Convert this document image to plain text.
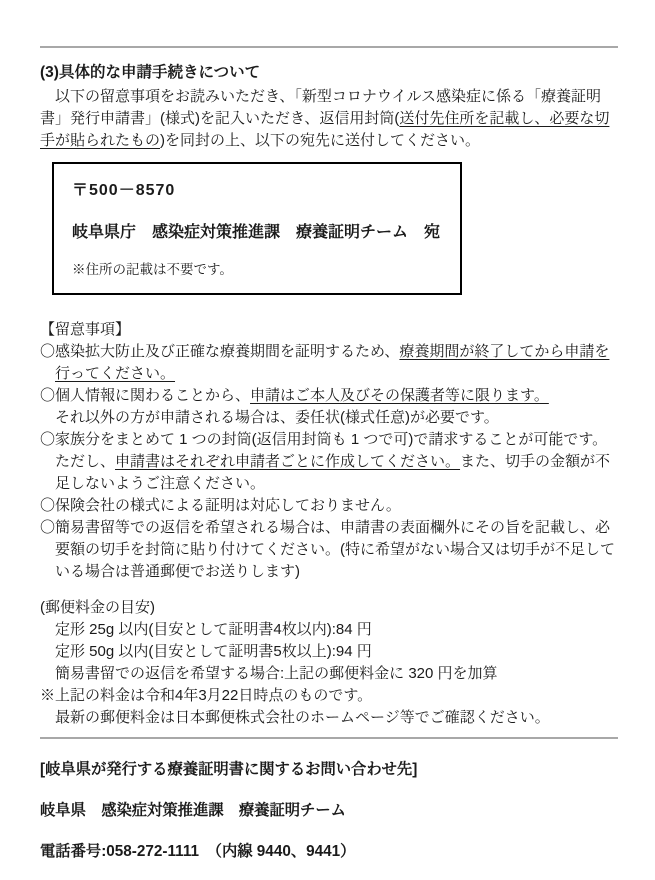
(3)具体的な申請手続きについて

　以下の留意事項をお読みいただき、「新型コロナウイルス感染症に係る「療養証明書」発行申請書」(様式)を記入いただき、返信用封筒(送付先住所を記載し、必要な切手が貼られたもの)を同封の上、以下の宛先に送付してください。

〒500－8570
岐阜県庁　感染症対策推進課　療養証明チーム　宛
※住所の記載は不要です。

【留意事項】

〇感染拡大防止及び正確な療養期間を証明するため、療養期間が終了してから申請を行ってください。

〇個人情報に関わることから、申請はご本人及びその保護者等に限ります。
それ以外の方が申請される場合は、委任状(様式任意)が必要です。

〇家族分をまとめて 1 つの封筒(返信用封筒も 1 つで可)で請求することが可能です。 ただし、申請書はそれぞれ申請者ごとに作成してください。また、切手の金額が不足しないようご注意ください。

〇保険会社の様式による証明は対応しておりません。

〇簡易書留等での返信を希望される場合は、申請書の表面欄外にその旨を記載し、必要額の切手を封筒に貼り付けてください。(特に希望がない場合又は切手が不足している場合は普通郵便でお送りします)

(郵便料金の目安)

定形 25g 以内(目安として証明書4枚以内):84 円

定形 50g 以内(目安として証明書5枚以上):94 円

簡易書留での返信を希望する場合:上記の郵便料金に 320 円を加算

※上記の料金は令和4年3月22日時点のものです。

最新の郵便料金は日本郵便株式会社のホームページ等でご確認ください。

[岐阜県が発行する療養証明書に関するお問い合わせ先]

岐阜県　感染症対策推進課　療養証明チーム

電話番号:058-272-1111　（内線 9440、9441）
